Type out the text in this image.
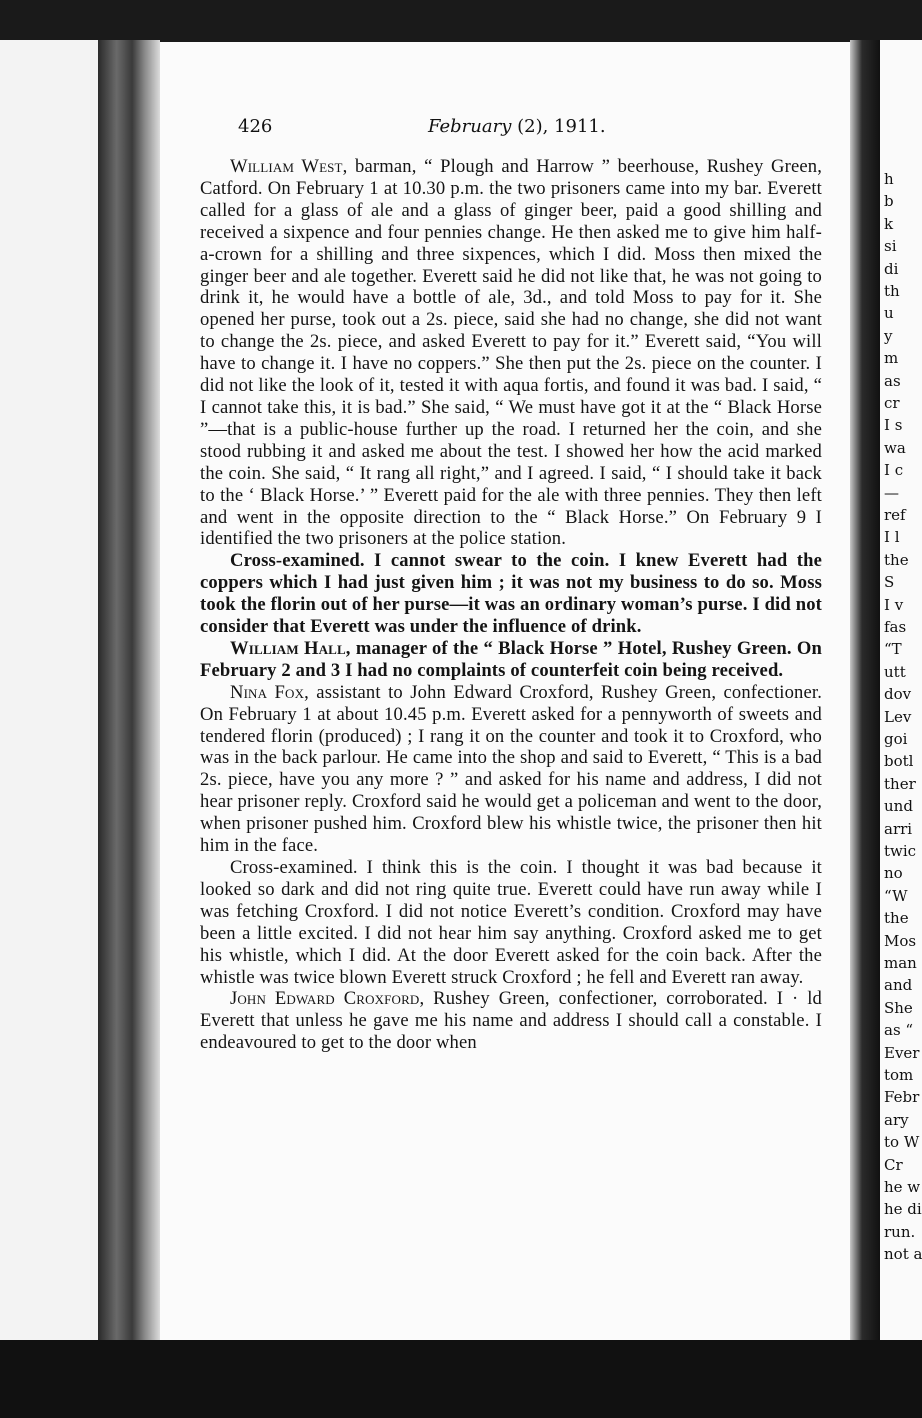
h
b
k
si
di
th
u
y
m
as
cr
I s
wa
I c
—
ref
I l
the
S
I v
fas
“T
utt
dov
Lev
goi
botl
ther
und
arri
twic
no
“W
the
Mos
man
and
She
as “
Ever
tom
Febr
ary
to W
Cr
he w
he di
run.
not a
426	February (2), 1911.

William West, barman, “ Plough and Harrow ” beerhouse, Rushey Green, Catford. On February 1 at 10.30 p.m. the two prisoners came into my bar. Everett called for a glass of ale and a glass of ginger beer, paid a good shilling and received a sixpence and four pennies change. He then asked me to give him half-a-crown for a shilling and three sixpences, which I did. Moss then mixed the ginger beer and ale together. Everett said he did not like that, he was not going to drink it, he would have a bottle of ale, 3d., and told Moss to pay for it. She opened her purse, took out a 2s. piece, said she had no change, she did not want to change the 2s. piece, and asked Everett to pay for it.” Everett said, “You will have to change it. I have no coppers.” She then put the 2s. piece on the counter. I did not like the look of it, tested it with aqua fortis, and found it was bad. I said, “ I cannot take this, it is bad.” She said, “ We must have got it at the “ Black Horse ”—that is a public-house further up the road. I returned her the coin, and she stood rubbing it and asked me about the test. I showed her how the acid marked the coin. She said, “ It rang all right,” and I agreed. I said, “ I should take it back to the ‘ Black Horse.’ ” Everett paid for the ale with three pennies. They then left and went in the opposite direction to the “ Black Horse.” On February 9 I identified the two prisoners at the police station.

Cross-examined. I cannot swear to the coin. I knew Everett had the coppers which I had just given him ; it was not my business to do so. Moss took the florin out of her purse—it was an ordinary woman’s purse. I did not consider that Everett was under the influence of drink.

William Hall, manager of the “ Black Horse ” Hotel, Rushey Green. On February 2 and 3 I had no complaints of counterfeit coin being received.

Nina Fox, assistant to John Edward Croxford, Rushey Green, confectioner. On February 1 at about 10.45 p.m. Everett asked for a pennyworth of sweets and tendered florin (produced) ; I rang it on the counter and took it to Croxford, who was in the back parlour. He came into the shop and said to Everett, “ This is a bad 2s. piece, have you any more ? ” and asked for his name and address, I did not hear prisoner reply. Croxford said he would get a policeman and went to the door, when prisoner pushed him. Croxford blew his whistle twice, the prisoner then hit him in the face.

Cross-examined. I think this is the coin. I thought it was bad because it looked so dark and did not ring quite true. Everett could have run away while I was fetching Croxford. I did not notice Everett’s condition. Croxford may have been a little excited. I did not hear him say anything. Croxford asked me to get his whistle, which I did. At the door Everett asked for the coin back. After the whistle was twice blown Everett struck Croxford ; he fell and Everett ran away.

John Edward Croxford, Rushey Green, confectioner, corroborated. I · ld Everett that unless he gave me his name and address I should call a constable. I endeavoured to get to the door when
